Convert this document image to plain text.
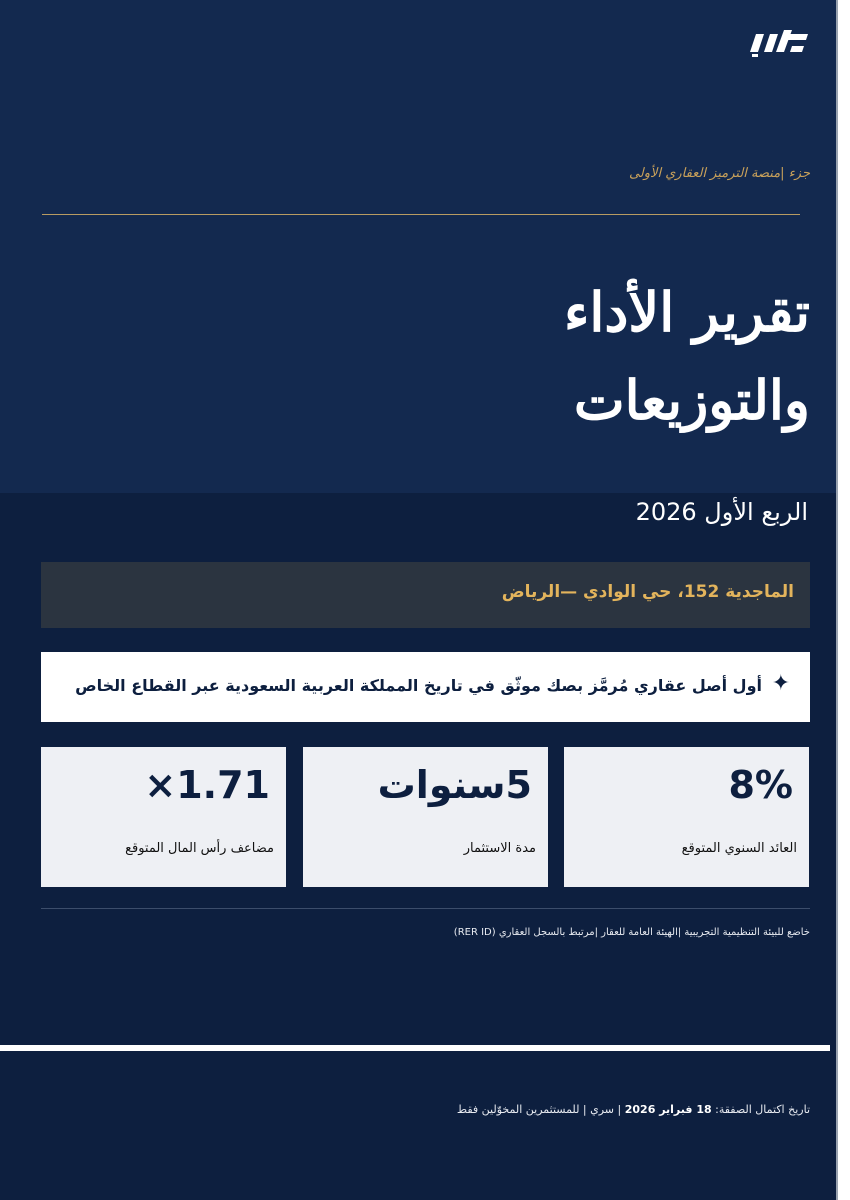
جزء |منصة الترميز العقاري الأولى
تقرير الأداء
والتوزيعات
الربع الأول 2026
الماجدية 152، حي الوادي —الرياض
✦
أول أصل عقاري مُرمَّز بصك موثّق في تاريخ المملكة العربية السعودية عبر القطاع الخاص
8%
العائد السنوي المتوقع
5سنوات
مدة الاستثمار
1.71×
مضاعف رأس المال المتوقع
خاضع للبيئة التنظيمية التجريبية |الهيئة العامة للعقار |مرتبط بالسجل العقاري (RER ID)
تاريخ اكتمال الصفقة: 18 فبراير 2026 | سري | للمستثمرين المخوّلين فقط
